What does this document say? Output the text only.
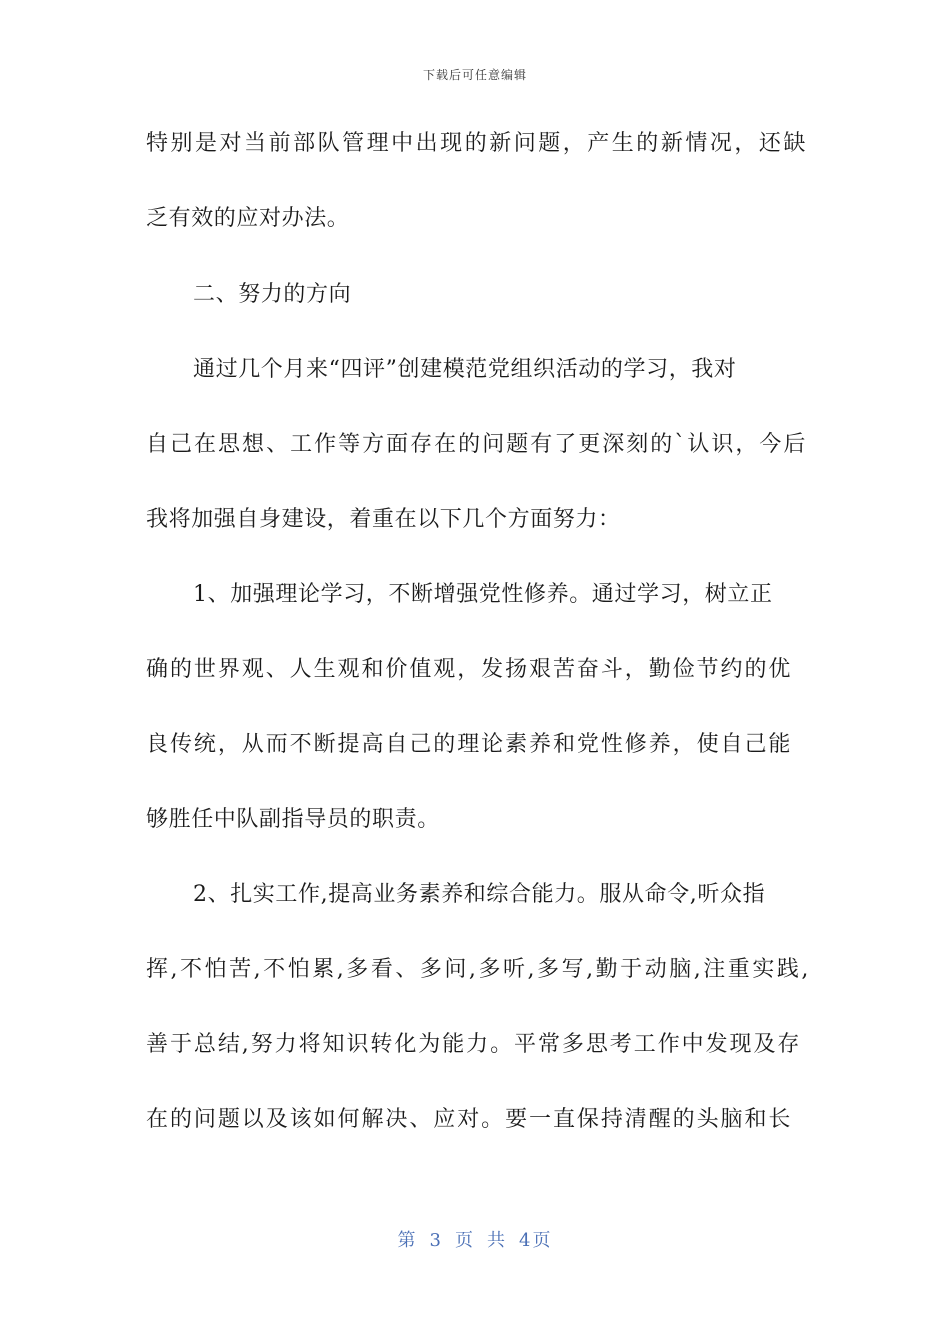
下载后可任意编辑
特别是对当前部队管理中出现的新问题，产生的新情况，还缺
乏有效的应对办法。
二、努力的方向
通过几个月来“四评”创建模范党组织活动的学习，我对
自己在思想、工作等方面存在的问题有了更深刻的`认识，今后
我将加强自身建设，着重在以下几个方面努力：
1、加强理论学习，不断增强党性修养。通过学习，树立正
确的世界观、人生观和价值观，发扬艰苦奋斗，勤俭节约的优
良传统，从而不断提高自己的理论素养和党性修养，使自己能
够胜任中队副指导员的职责。
2、扎实工作,提高业务素养和综合能力。服从命令,听众指
挥,不怕苦,不怕累,多看、多问,多听,多写,勤于动脑,注重实践,
善于总结,努力将知识转化为能力。平常多思考工作中发现及存
在的问题以及该如何解决、应对。要一直保持清醒的头脑和长
第 3 页 共 4页
